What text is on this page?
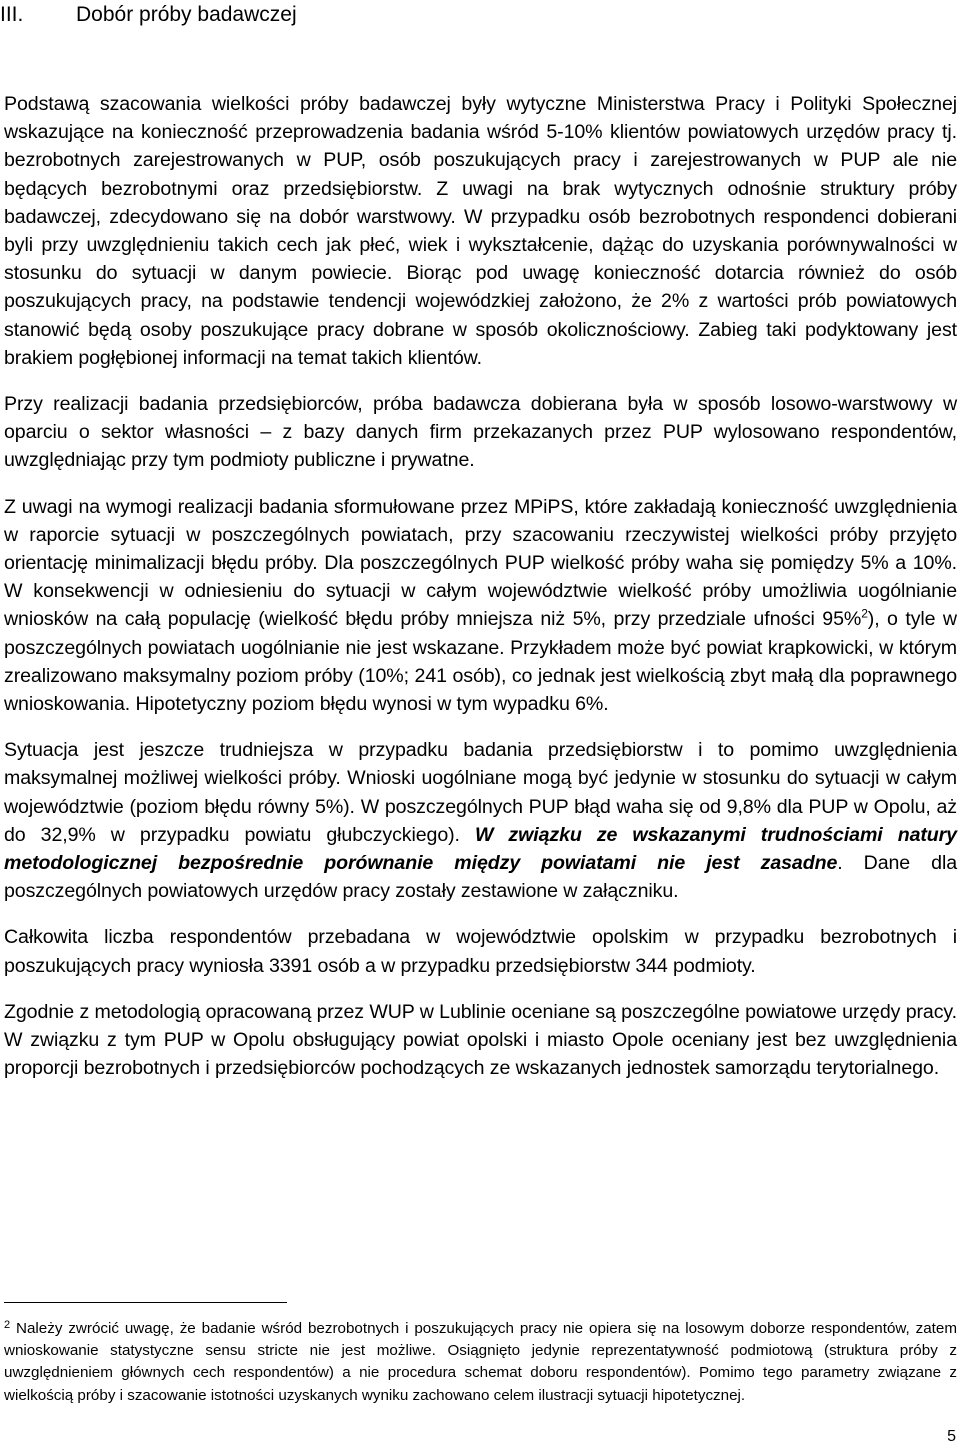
III.	Dobór próby badawczej

Podstawą szacowania wielkości próby badawczej były wytyczne Ministerstwa Pracy i Polityki Społecznej wskazujące na konieczność przeprowadzenia badania wśród 5-10% klientów powiatowych urzędów pracy tj. bezrobotnych zarejestrowanych w PUP, osób poszukujących pracy i zarejestrowanych w PUP ale nie będących bezrobotnymi oraz przedsiębiorstw. Z uwagi na brak wytycznych odnośnie struktury próby badawczej, zdecydowano się na dobór warstwowy. W przypadku osób bezrobotnych respondenci dobierani byli przy uwzględnieniu takich cech jak płeć, wiek i wykształcenie, dążąc do uzyskania porównywalności w stosunku do sytuacji w danym powiecie. Biorąc pod uwagę konieczność dotarcia również do osób poszukujących pracy, na podstawie tendencji wojewódzkiej założono, że 2% z wartości prób powiatowych stanowić będą osoby poszukujące pracy dobrane w sposób okolicznościowy. Zabieg taki podyktowany jest brakiem pogłębionej informacji na temat takich klientów.

Przy realizacji badania przedsiębiorców, próba badawcza dobierana była w sposób losowo-warstwowy w oparciu o sektor własności – z bazy danych firm przekazanych przez PUP wylosowano respondentów, uwzględniając przy tym podmioty publiczne i prywatne.

Z uwagi na wymogi realizacji badania sformułowane przez MPiPS, które zakładają konieczność uwzględnienia w raporcie sytuacji w poszczególnych powiatach, przy szacowaniu rzeczywistej wielkości próby przyjęto orientację minimalizacji błędu próby. Dla poszczególnych PUP wielkość próby waha się pomiędzy 5% a 10%. W konsekwencji w odniesieniu do sytuacji w całym województwie wielkość próby umożliwia uogólnianie wniosków na całą populację (wielkość błędu próby mniejsza niż 5%, przy przedziale ufności 95%$^2$), o tyle w poszczególnych powiatach uogólnianie nie jest wskazane. Przykładem może być powiat krapkowicki, w którym zrealizowano maksymalny poziom próby (10%; 241 osób), co jednak jest wielkością zbyt małą dla poprawnego wnioskowania. Hipotetyczny poziom błędu wynosi w tym wypadku 6%.

Sytuacja jest jeszcze trudniejsza w przypadku badania przedsiębiorstw i to pomimo uwzględnienia maksymalnej możliwej wielkości próby. Wnioski uogólniane mogą być jedynie w stosunku do sytuacji w całym województwie (poziom błędu równy 5%). W poszczególnych PUP błąd waha się od 9,8% dla PUP w Opolu, aż do 32,9% w przypadku powiatu głubczyckiego). W związku ze wskazanymi trudnościami natury metodologicznej bezpośrednie porównanie między powiatami nie jest zasadne. Dane dla poszczególnych powiatowych urzędów pracy zostały zestawione w załączniku.

Całkowita liczba respondentów przebadana w województwie opolskim w przypadku bezrobotnych i poszukujących pracy wyniosła 3391 osób a w przypadku przedsiębiorstw 344 podmioty.

Zgodnie z metodologią opracowaną przez WUP w Lublinie oceniane są poszczególne powiatowe urzędy pracy. W związku z tym PUP w Opolu obsługujący powiat opolski i miasto Opole oceniany jest bez uwzględnienia proporcji bezrobotnych i przedsiębiorców pochodzących ze wskazanych jednostek samorządu terytorialnego.

$^2$ Należy zwrócić uwagę, że badanie wśród bezrobotnych i poszukujących pracy nie opiera się na losowym doborze respondentów, zatem wnioskowanie statystyczne sensu stricte nie jest możliwe. Osiągnięto jedynie reprezentatywność podmiotową (struktura próby z uwzględnieniem głównych cech respondentów) a nie procedura schemat doboru respondentów). Pomimo tego parametry związane z wielkością próby i szacowanie istotności uzyskanych wyniku zachowano celem ilustracji sytuacji hipotetycznej.

5
